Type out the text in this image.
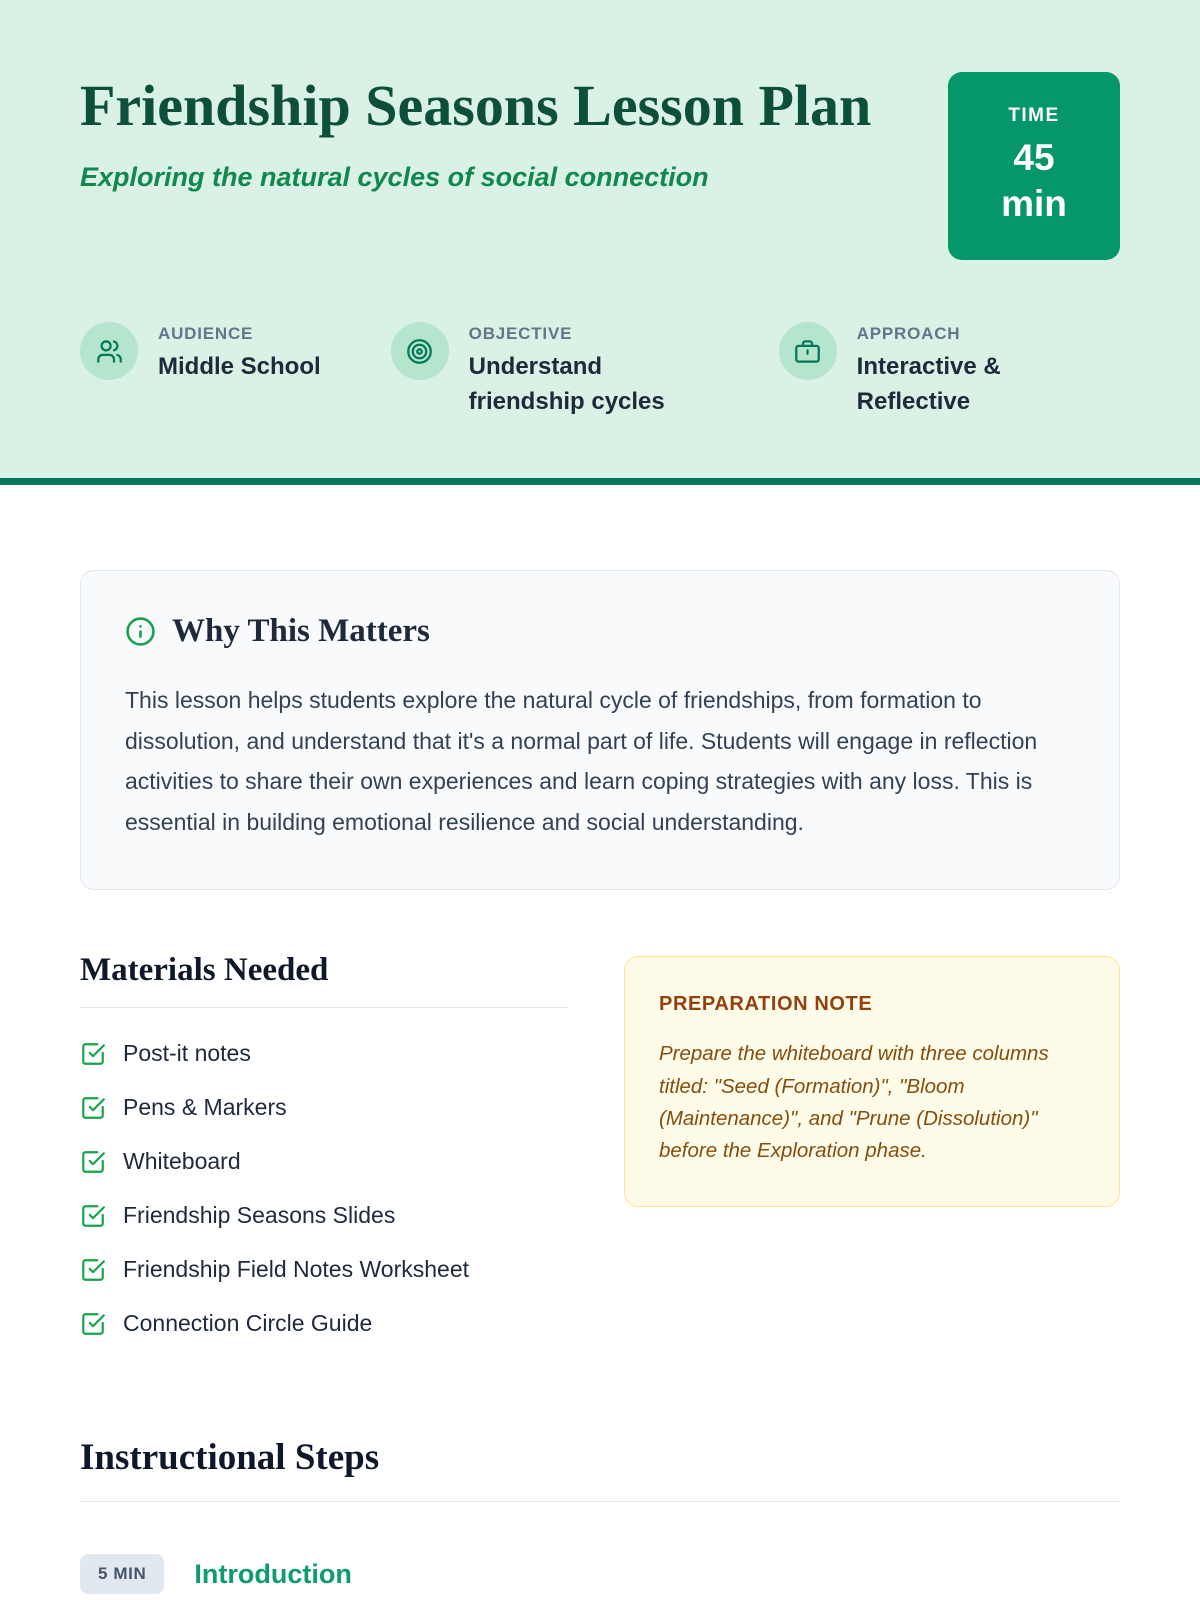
Friendship Seasons Lesson Plan

Exploring the natural cycles of social connection

TIME
45 min
AUDIENCE
Middle School
OBJECTIVE
Understand friendship cycles
APPROACH
Interactive & Reflective
Why This Matters

This lesson helps students explore the natural cycle of friendships, from formation to dissolution, and understand that it's a normal part of life. Students will engage in reflection activities to share their own experiences and learn coping strategies with any loss. This is essential in building emotional resilience and social understanding.

Materials Needed
Post-it notes
Pens & Markers
Whiteboard
Friendship Seasons Slides
Friendship Field Notes Worksheet
Connection Circle Guide
PREPARATION NOTE

Prepare the whiteboard with three columns titled: "Seed (Formation)", "Bloom (Maintenance)", and "Prune (Dissolution)" before the Exploration phase.

Instructional Steps
5 MIN	Introduction
